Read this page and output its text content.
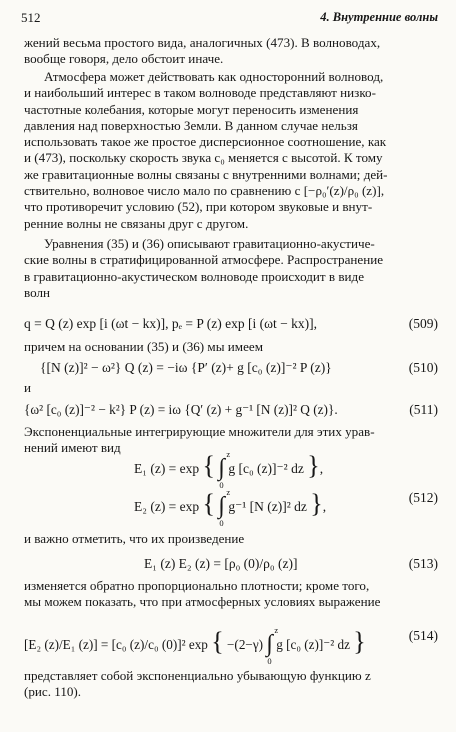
512	4. Внутренние волны
жений весьма простого вида, аналогичных (473). В волноводах,
вообще говоря, дело обстоит иначе.
Атмосфера может действовать как односторонний волновод,
и наибольший интерес в таком волноводе представляют низко-
частотные колебания, которые могут переносить изменения
давления над поверхностью Земли. В данном случае нельзя
использовать такое же простое дисперсионное соотношение, как
и (473), поскольку скорость звука c₀ меняется с высотой. К тому
же гравитационные волны связаны с внутренними волнами; дей-
ствительно, волновое число мало по сравнению с [−ρ₀′(z)/ρ₀ (z)],
что противоречит условию (52), при котором звуковые и внут-
ренние волны не связаны друг с другом.
Уравнения (35) и (36) описывают гравитационно-акустиче-
ские волны в стратифицированной атмосфере. Распространение
в гравитационно-акустическом волноводе происходит в виде
волн
q = Q (z) exp [i (ωt − kx)], pₑ = P (z) exp [i (ωt − kx)],	(509)
причем на основании (35) и (36) мы имеем
{[N (z)]² − ω²} Q (z) = −iω {P′ (z)+ g [c₀ (z)]⁻² P (z)}	(510)
и
{ω² [c₀ (z)]⁻² − k²} P (z) = iω {Q′ (z) + g⁻¹ [N (z)]² Q (z)}.	(511)
Экспоненциальные интегрирующие множители для этих урав-
нений имеют вид
E₁ (z) = exp { ∫
z
0
g [c₀ (z)]⁻² dz },
E₂ (z) = exp { ∫
z
0
g⁻¹ [N (z)]² dz },
(512)
и важно отметить, что их произведение
E₁ (z) E₂ (z) = [ρ₀ (0)/ρ₀ (z)]	(513)
изменяется обратно пропорционально плотности; кроме того,
мы можем показать, что при атмосферных условиях выражение
[E₂ (z)/E₁ (z)] = [c₀ (z)/c₀ (0)]² exp { −(2−γ) ∫
z
0
g [c₀ (z)]⁻² dz }	(514)
представляет собой экспоненциально убывающую функцию z
(рис. 110).
